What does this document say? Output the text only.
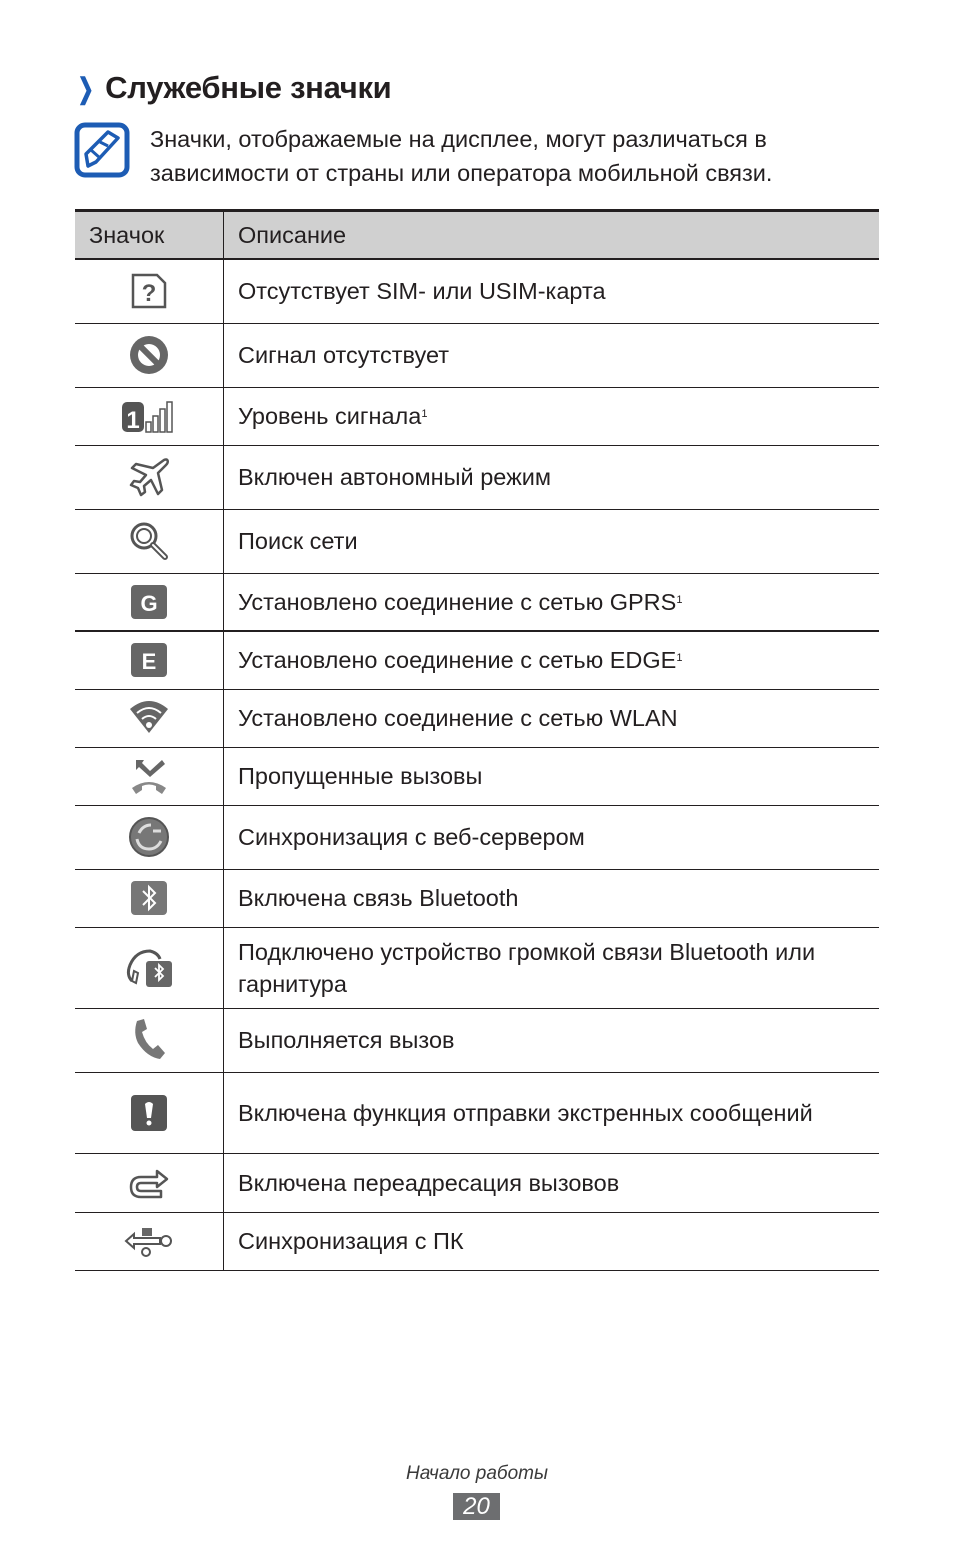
❯ Служебные значки
Значки, отображаемые на дисплее, могут различаться в зависимости от страны или оператора мобильной связи.
Значок	Описание

?	Отсутствует SIM- или USIM-карта
	Сигнал отсутствует

1	Уровень сигнала$^1$
	Включен автономный режим
	Поиск сети

G	Установлено соединение с сетью GPRS$^1$

E	Установлено соединение с сетью EDGE$^1$
	Установлено соединение с сетью WLAN
	Пропущенные вызовы
	Синхронизация с веб-сервером
	Включена связь Bluetooth
	Подключено устройство громкой связи Bluetooth или гарнитура
	Выполняется вызов
	Включена функция отправки экстренных сообщений
	Включена переадресация вызовов
	Синхронизация с ПК
Начало работы
20
